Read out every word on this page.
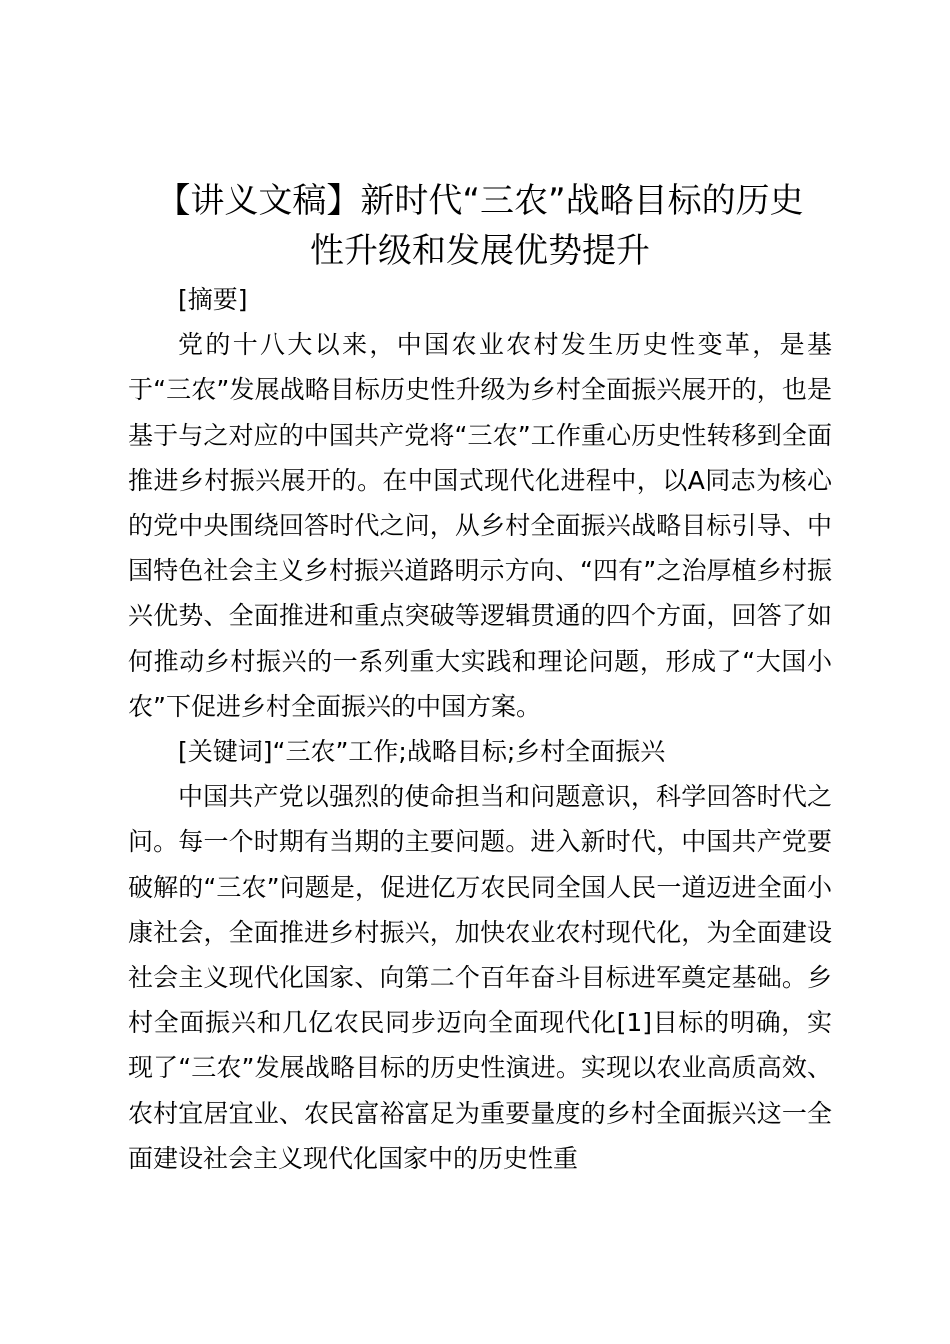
【讲义文稿】新时代“三农”战略目标的历史
性升级和发展优势提升

[摘要]

党的十八大以来，中国农业农村发生历史性变革，是基于“三农”发展战略目标历史性升级为乡村全面振兴展开的，也是基于与之对应的中国共产党将“三农”工作重心历史性转移到全面推进乡村振兴展开的。在中国式现代化进程中，以A同志为核心的党中央围绕回答时代之问，从乡村全面振兴战略目标引导、中国特色社会主义乡村振兴道路明示方向、“四有”之治厚植乡村振兴优势、全面推进和重点突破等逻辑贯通的四个方面，回答了如何推动乡村振兴的一系列重大实践和理论问题，形成了“大国小农”下促进乡村全面振兴的中国方案。

[关键词]“三农”工作;战略目标;乡村全面振兴

中国共产党以强烈的使命担当和问题意识，科学回答时代之问。每一个时期有当期的主要问题。进入新时代，中国共产党要破解的“三农”问题是，促进亿万农民同全国人民一道迈进全面小康社会，全面推进乡村振兴，加快农业农村现代化，为全面建设社会主义现代化国家、向第二个百年奋斗目标进军奠定基础。乡村全面振兴和几亿农民同步迈向全面现代化[1]目标的明确，实现了“三农”发展战略目标的历史性演进。实现以农业高质高效、农村宜居宜业、农民富裕富足为重要量度的乡村全面振兴这一全面建设社会主义现代化国家中的历史性重
